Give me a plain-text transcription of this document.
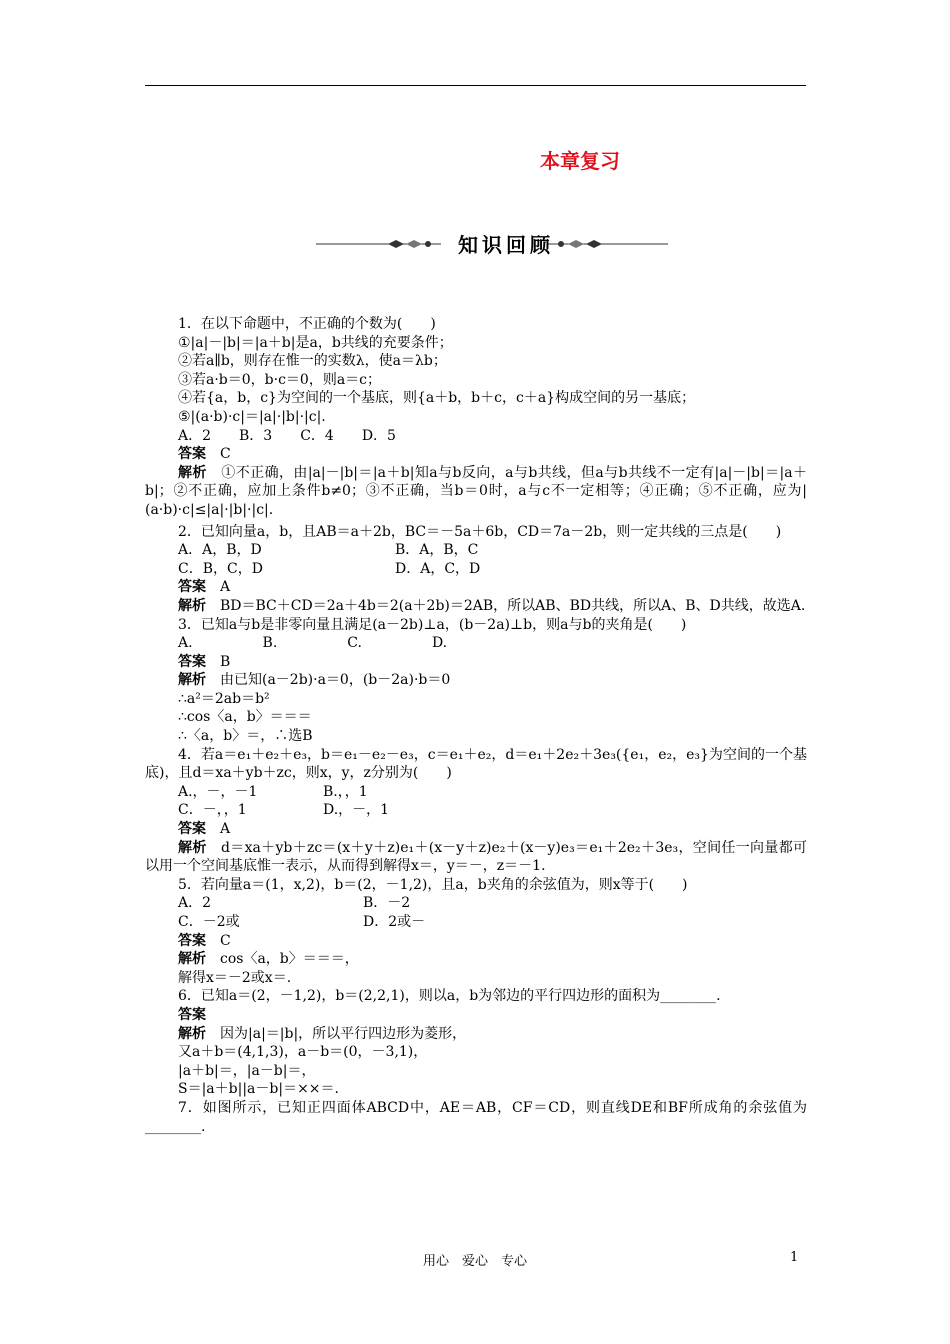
本章复习
知识回顾
1．在以下命题中，不正确的个数为(　　)
①|a|－|b|＝|a＋b|是a，b共线的充要条件；
②若a∥b，则存在惟一的实数λ，使a＝λb；
③若a·b＝0，b·c＝0，则a＝c；
④若{a，b，c}为空间的一个基底，则{a＋b，b＋c，c＋a}构成空间的另一基底；
⑤|(a·b)·c|＝|a|·|b|·|c|.
A．2　　B．3　　C．4　　D．5
答案　 C
解析　 ①不正确，由|a|－|b|＝|a＋b|知a与b反向，a与b共线，但a与b共线不一定有|a|－|b|＝|a＋b|；②不正确，应加上条件b≠0；③不正确，当b＝0时，a与c不一定相等；④正确；⑤不正确，应为|(a·b)·c|≤|a|·|b|·|c|.
2．已知向量a，b，且AB＝a＋2b，BC＝－5a＋6b，CD＝7a－2b，则一定共线的三点是(　　)
A．A，B，D	B．A，B，C
C．B，C，D	D．A，C，D
答案　 A
解析　 BD＝BC＋CD＝2a＋4b＝2(a＋2b)＝2AB，所以AB、BD共线，所以A、B、D共线，故选A.
3．已知a与b是非零向量且满足(a－2b)⊥a，(b－2a)⊥b，则a与b的夹角是(　　)
A.　　　　　B.　　　　　C.　　　　　D.
答案　 B
解析　 由已知(a－2b)·a＝0，(b－2a)·b＝0
∴a²＝2ab＝b²
∴cos〈a，b〉＝＝＝
∴〈a，b〉＝，∴选B
4．若a＝e₁＋e₂＋e₃，b＝e₁－e₂－e₃，c＝e₁＋e₂，d＝e₁＋2e₂＋3e₃({e₁，e₂，e₃}为空间的一个基底)，且d＝xa＋yb＋zc，则x，y，z分别为(　　)
A.，－，－1	B.，，1
C．－，，1	D.，－，1
答案　 A
解析　 d＝xa＋yb＋zc＝(x＋y＋z)e₁＋(x－y＋z)e₂＋(x－y)e₃＝e₁＋2e₂＋3e₃，空间任一向量都可以用一个空间基底惟一表示，从而得到解得x＝，y＝－，z＝－1.
5．若向量a＝(1，x,2)，b＝(2，－1,2)，且a，b夹角的余弦值为，则x等于(　　)
A．2	B．－2
C．－2或	D．2或－
答案　 C
解析　 cos〈a，b〉＝＝＝，
解得x＝－2或x＝.
6．已知a＝(2，－1,2)，b＝(2,2,1)，则以a，b为邻边的平行四边形的面积为________.
答案
解析　 因为|a|＝|b|，所以平行四边形为菱形，
又a＋b＝(4,1,3)，a－b＝(0，－3,1)，
|a＋b|＝，|a－b|＝，
S＝|a＋b||a－b|＝××＝.
7．如图所示，已知正四面体ABCD中，AE＝AB，CF＝CD，则直线DE和BF所成角的余弦值为________.
用心　爱心　专心	1
